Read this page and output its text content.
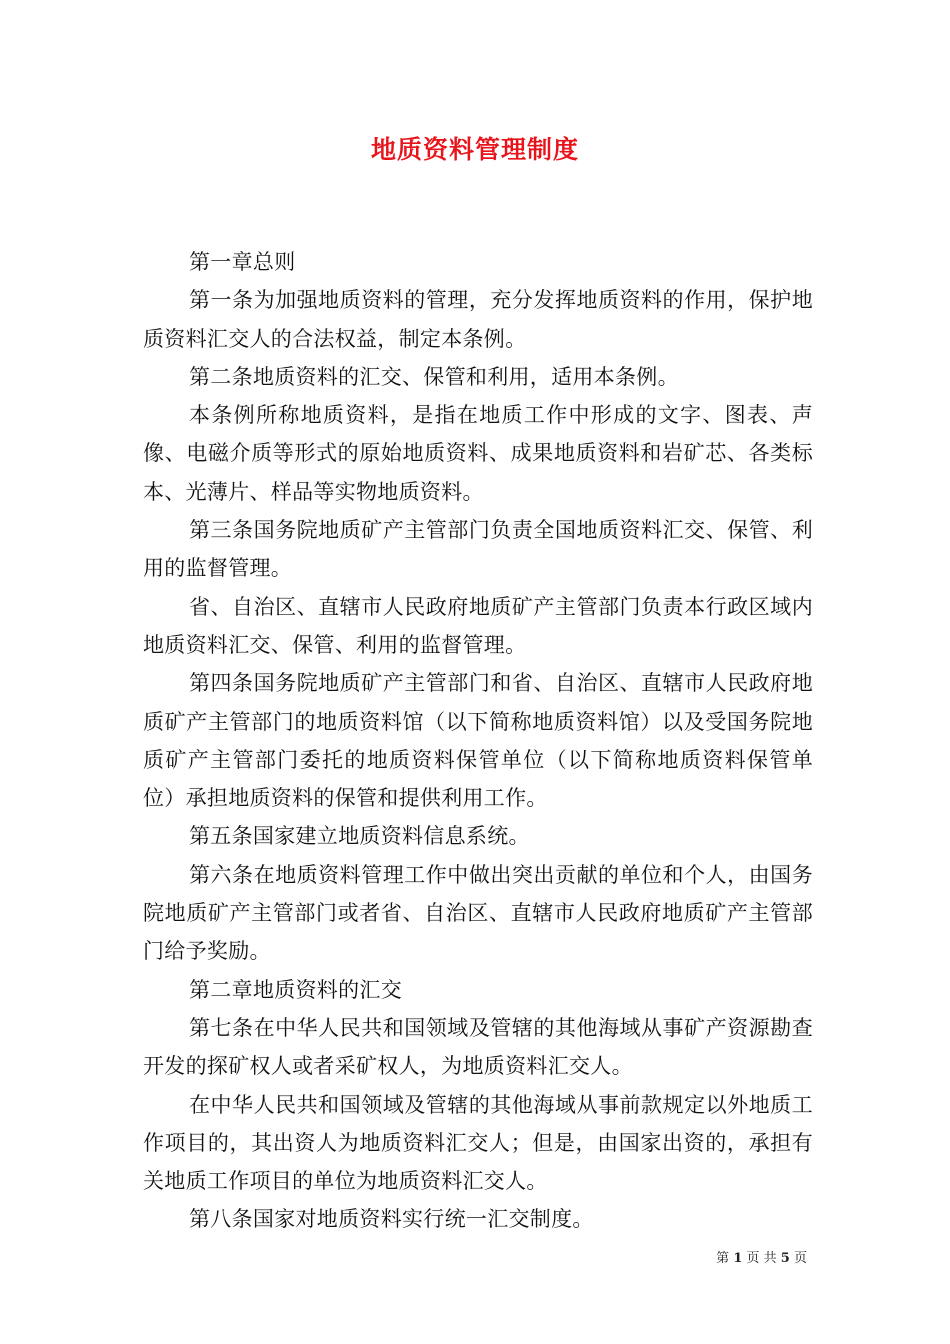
地质资料管理制度

第一章总则

第一条为加强地质资料的管理，充分发挥地质资料的作用，保护地质资料汇交人的合法权益，制定本条例。

第二条地质资料的汇交、保管和利用，适用本条例。

本条例所称地质资料，是指在地质工作中形成的文字、图表、声像、电磁介质等形式的原始地质资料、成果地质资料和岩矿芯、各类标本、光薄片、样品等实物地质资料。

第三条国务院地质矿产主管部门负责全国地质资料汇交、保管、利用的监督管理。

省、自治区、直辖市人民政府地质矿产主管部门负责本行政区域内地质资料汇交、保管、利用的监督管理。

第四条国务院地质矿产主管部门和省、自治区、直辖市人民政府地质矿产主管部门的地质资料馆（以下简称地质资料馆）以及受国务院地质矿产主管部门委托的地质资料保管单位（以下简称地质资料保管单位）承担地质资料的保管和提供利用工作。

第五条国家建立地质资料信息系统。

第六条在地质资料管理工作中做出突出贡献的单位和个人，由国务院地质矿产主管部门或者省、自治区、直辖市人民政府地质矿产主管部门给予奖励。

第二章地质资料的汇交

第七条在中华人民共和国领域及管辖的其他海域从事矿产资源勘查开发的探矿权人或者采矿权人，为地质资料汇交人。

在中华人民共和国领域及管辖的其他海域从事前款规定以外地质工作项目的，其出资人为地质资料汇交人；但是，由国家出资的，承担有关地质工作项目的单位为地质资料汇交人。

第八条国家对地质资料实行统一汇交制度。

第 1 页 共 5 页
